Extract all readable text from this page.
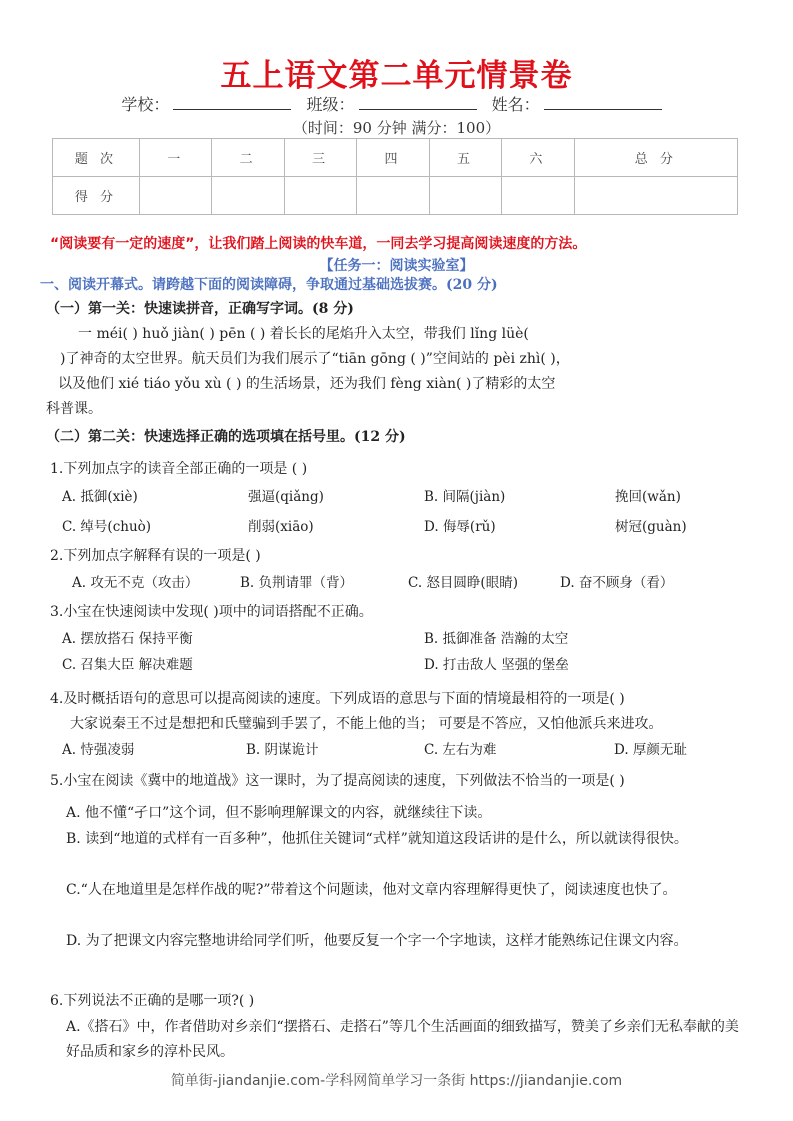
五上语文第二单元情景卷
学校：	班级：	姓名：
（时间：90 分钟 满分：100）
题 次	一	二	三	四	五	六	总 分
得 分							
“阅读要有一定的速度”，让我们踏上阅读的快车道，一同去学习提高阅读速度的方法。
【任务一：阅读实验室】
一、阅读开幕式。请跨越下面的阅读障碍，争取通过基础选拔赛。(20 分)
（一）第一关：快速读拼音，正确写字词。(8 分)
一 méi( ) huǒ jiàn( ) pēn ( ) 着长长的尾焰升入太空，带我们 lǐng lüè(
)了神奇的太空世界。航天员们为我们展示了“tiān gōng ( )”空间站的 pèi zhì( )，
以及他们 xié tiáo yǒu xù ( ) 的生活场景，还为我们 fèng xiàn( )了精彩的太空
科普课。
（二）第二关：快速选择正确的选项填在括号里。(12 分)
1.下列加点字的读音全部正确的一项是 ( )
A. 抵御(xiè)	强逼(qiǎng)	B. 间隔(jiàn)	挽回(wǎn)
C. 绰号(chuò)	削弱(xiāo)	D. 侮辱(rǔ)	树冠(guàn)
2.下列加点字解释有误的一项是( )
A. 攻无不克（攻击）	B. 负荆请罪（背）	C. 怒目圆睁(眼睛)	D. 奋不顾身（看）
3.小宝在快速阅读中发现( )项中的词语搭配不正确。
A. 摆放搭石 保持平衡	B. 抵御准备 浩瀚的太空
C. 召集大臣 解决难题	D. 打击敌人 坚强的堡垒
4.及时概括语句的意思可以提高阅读的速度。下列成语的意思与下面的情境最相符的一项是( )
大家说秦王不过是想把和氏璧骗到手罢了，不能上他的当； 可要是不答应，又怕他派兵来进攻。
A. 恃强凌弱	B. 阴谋诡计	C. 左右为难	D. 厚颜无耻
5.小宝在阅读《冀中的地道战》这一课时，为了提高阅读的速度，下列做法不恰当的一项是( )
A. 他不懂“孑口”这个词，但不影响理解课文的内容，就继续往下读。
B. 读到“地道的式样有一百多种”，他抓住关键词“式样”就知道这段话讲的是什么，所以就读得很快。
C.“人在地道里是怎样作战的呢?”带着这个问题读，他对文章内容理解得更快了，阅读速度也快了。
D. 为了把课文内容完整地讲给同学们听，他要反复一个字一个字地读，这样才能熟练记住课文内容。
6.下列说法不正确的是哪一项?( )
A.《搭石》中，作者借助对乡亲们“摆搭石、走搭石”等几个生活画面的细致描写，赞美了乡亲们无私奉献的美好品质和家乡的淳朴民风。
简单街-jiandanjie.com-学科网简单学习一条街 https://jiandanjie.com
